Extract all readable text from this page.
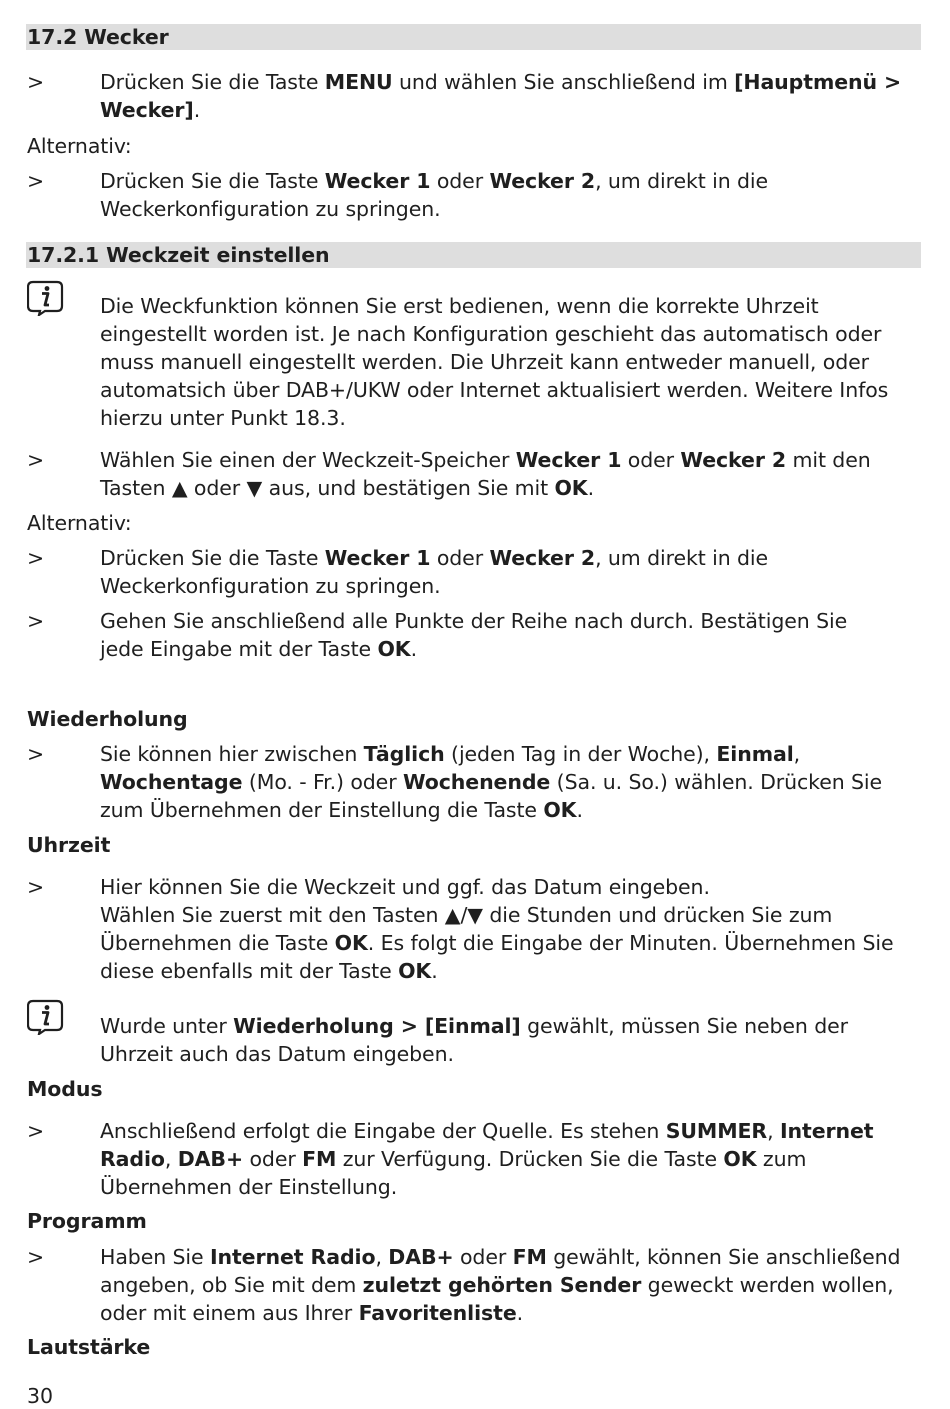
17.2 Wecker
>	Drücken Sie die Taste MENU und wählen Sie anschließend im [Hauptmenü >
Wecker].
Alternativ:
>	Drücken Sie die Taste Wecker 1 oder Wecker 2, um direkt in die
Weckerkonfiguration zu springen.
17.2.1 Weckzeit einstellen
Die Weckfunktion können Sie erst bedienen, wenn die korrekte Uhrzeit
eingestellt worden ist. Je nach Konfiguration geschieht das automatisch oder
muss manuell eingestellt werden. Die Uhrzeit kann entweder manuell, oder
automatsich über DAB+/UKW oder Internet aktualisiert werden. Weitere Infos
hierzu unter Punkt 18.3.
>	Wählen Sie einen der Weckzeit-Speicher Wecker 1 oder Wecker 2 mit den
Tasten ▲ oder ▼ aus, und bestätigen Sie mit OK.
Alternativ:
>	Drücken Sie die Taste Wecker 1 oder Wecker 2, um direkt in die
Weckerkonfiguration zu springen.
>	Gehen Sie anschließend alle Punkte der Reihe nach durch. Bestätigen Sie
jede Eingabe mit der Taste OK.
Wiederholung
>	Sie können hier zwischen Täglich (jeden Tag in der Woche), Einmal,
Wochentage (Mo. - Fr.) oder Wochenende (Sa. u. So.) wählen. Drücken Sie
zum Übernehmen der Einstellung die Taste OK.
Uhrzeit
>	Hier können Sie die Weckzeit und ggf. das Datum eingeben.
Wählen Sie zuerst mit den Tasten ▲/▼ die Stunden und drücken Sie zum
Übernehmen die Taste OK. Es folgt die Eingabe der Minuten. Übernehmen Sie
diese ebenfalls mit der Taste OK.
Wurde unter Wiederholung > [Einmal] gewählt, müssen Sie neben der
Uhrzeit auch das Datum eingeben.
Modus
>	Anschließend erfolgt die Eingabe der Quelle. Es stehen SUMMER, Internet
Radio, DAB+ oder FM zur Verfügung. Drücken Sie die Taste OK zum
Übernehmen der Einstellung.
Programm
>	Haben Sie Internet Radio, DAB+ oder FM gewählt, können Sie anschließend
angeben, ob Sie mit dem zuletzt gehörten Sender geweckt werden wollen,
oder mit einem aus Ihrer Favoritenliste.
Lautstärke
30
